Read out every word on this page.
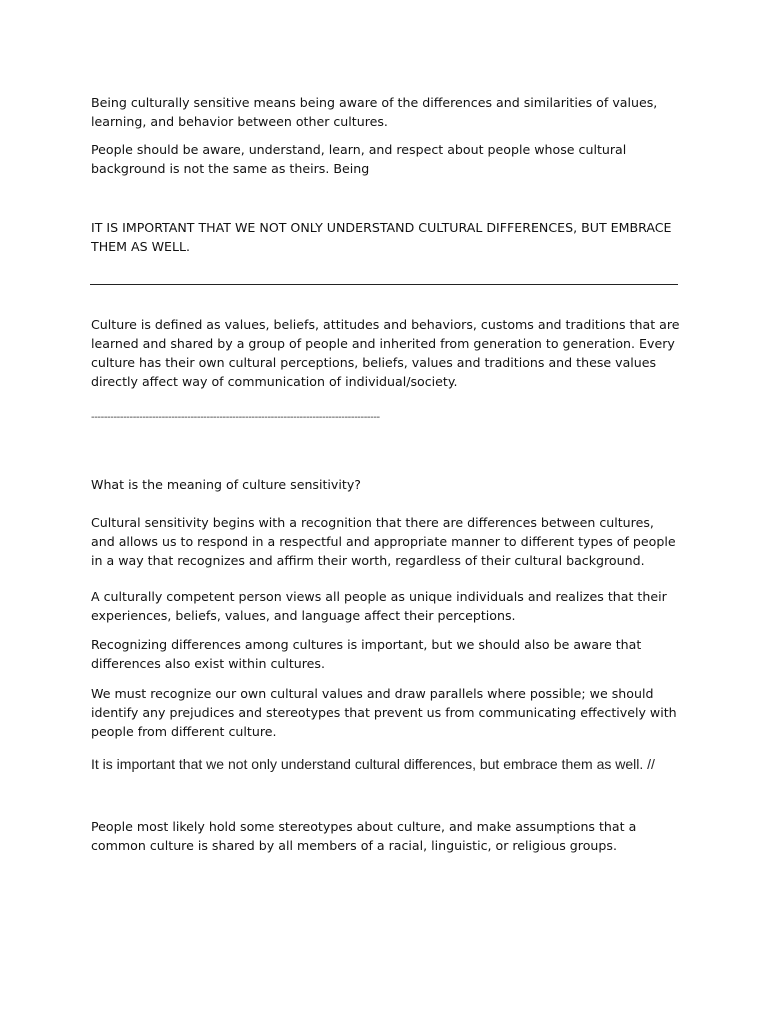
Being culturally sensitive means being aware of the differences and similarities of values, learning, and behavior between other cultures.

People should be aware, understand, learn, and respect about people whose cultural background is not the same as theirs. Being

IT IS IMPORTANT THAT WE NOT ONLY UNDERSTAND CULTURAL DIFFERENCES, BUT EMBRACE THEM AS WELL.

Culture is defined as values, beliefs, attitudes and behaviors, customs and traditions that are learned and shared by a group of people and inherited from generation to generation. Every culture has their own cultural perceptions, beliefs, values and traditions and these values directly affect way of communication of individual/society.

------------------------------------------------------------------------------------------

What is the meaning of culture sensitivity?

Cultural sensitivity begins with a recognition that there are differences between cultures, and allows us to respond in a respectful and appropriate manner to different types of people in a way that recognizes and affirm their worth, regardless of their cultural background.

A culturally competent person views all people as unique individuals and realizes that their experiences, beliefs, values, and language affect their perceptions.

Recognizing differences among cultures is important, but we should also be aware that differences also exist within cultures.

We must recognize our own cultural values and draw parallels where possible; we should identify any prejudices and stereotypes that prevent us from communicating effectively with people from different culture.

It is important that we not only understand cultural differences, but embrace them as well. //

People most likely hold some stereotypes about culture, and make assumptions that a common culture is shared by all members of a racial, linguistic, or religious groups.
